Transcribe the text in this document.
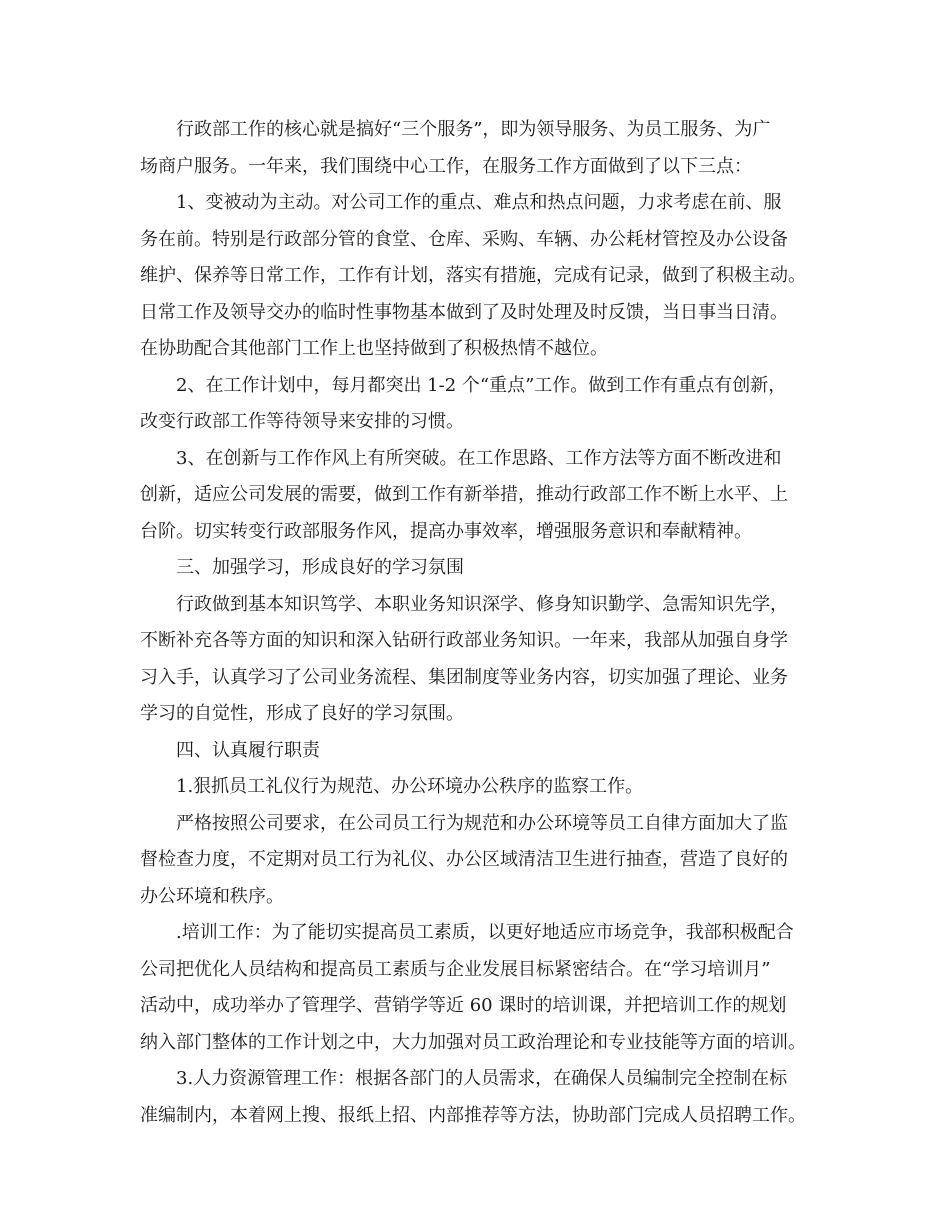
行政部工作的核心就是搞好“三个服务”，即为领导服务、为员工服务、为广
场商户服务。一年来，我们围绕中心工作，在服务工作方面做到了以下三点：
1、变被动为主动。对公司工作的重点、难点和热点问题，力求考虑在前、服
务在前。特别是行政部分管的食堂、仓库、采购、车辆、办公耗材管控及办公设备
维护、保养等日常工作，工作有计划，落实有措施，完成有记录，做到了积极主动。
日常工作及领导交办的临时性事物基本做到了及时处理及时反馈，当日事当日清。
在协助配合其他部门工作上也坚持做到了积极热情不越位。
2、在工作计划中，每月都突出 1-2 个“重点”工作。做到工作有重点有创新，
改变行政部工作等待领导来安排的习惯。
3、在创新与工作作风上有所突破。在工作思路、工作方法等方面不断改进和
创新，适应公司发展的需要，做到工作有新举措，推动行政部工作不断上水平、上
台阶。切实转变行政部服务作风，提高办事效率，增强服务意识和奉献精神。
三、加强学习，形成良好的学习氛围
行政做到基本知识笃学、本职业务知识深学、修身知识勤学、急需知识先学，
不断补充各等方面的知识和深入钻研行政部业务知识。一年来，我部从加强自身学
习入手，认真学习了公司业务流程、集团制度等业务内容，切实加强了理论、业务
学习的自觉性，形成了良好的学习氛围。
四、认真履行职责
1.狠抓员工礼仪行为规范、办公环境办公秩序的监察工作。
严格按照公司要求，在公司员工行为规范和办公环境等员工自律方面加大了监
督检查力度，不定期对员工行为礼仪、办公区域清洁卫生进行抽查，营造了良好的
办公环境和秩序。
.培训工作：为了能切实提高员工素质，以更好地适应市场竞争，我部积极配合
公司把优化人员结构和提高员工素质与企业发展目标紧密结合。在“学习培训月”
活动中，成功举办了管理学、营销学等近 60 课时的培训课，并把培训工作的规划
纳入部门整体的工作计划之中，大力加强对员工政治理论和专业技能等方面的培训。
3.人力资源管理工作：根据各部门的人员需求，在确保人员编制完全控制在标
准编制内，本着网上搜、报纸上招、内部推荐等方法，协助部门完成人员招聘工作。
